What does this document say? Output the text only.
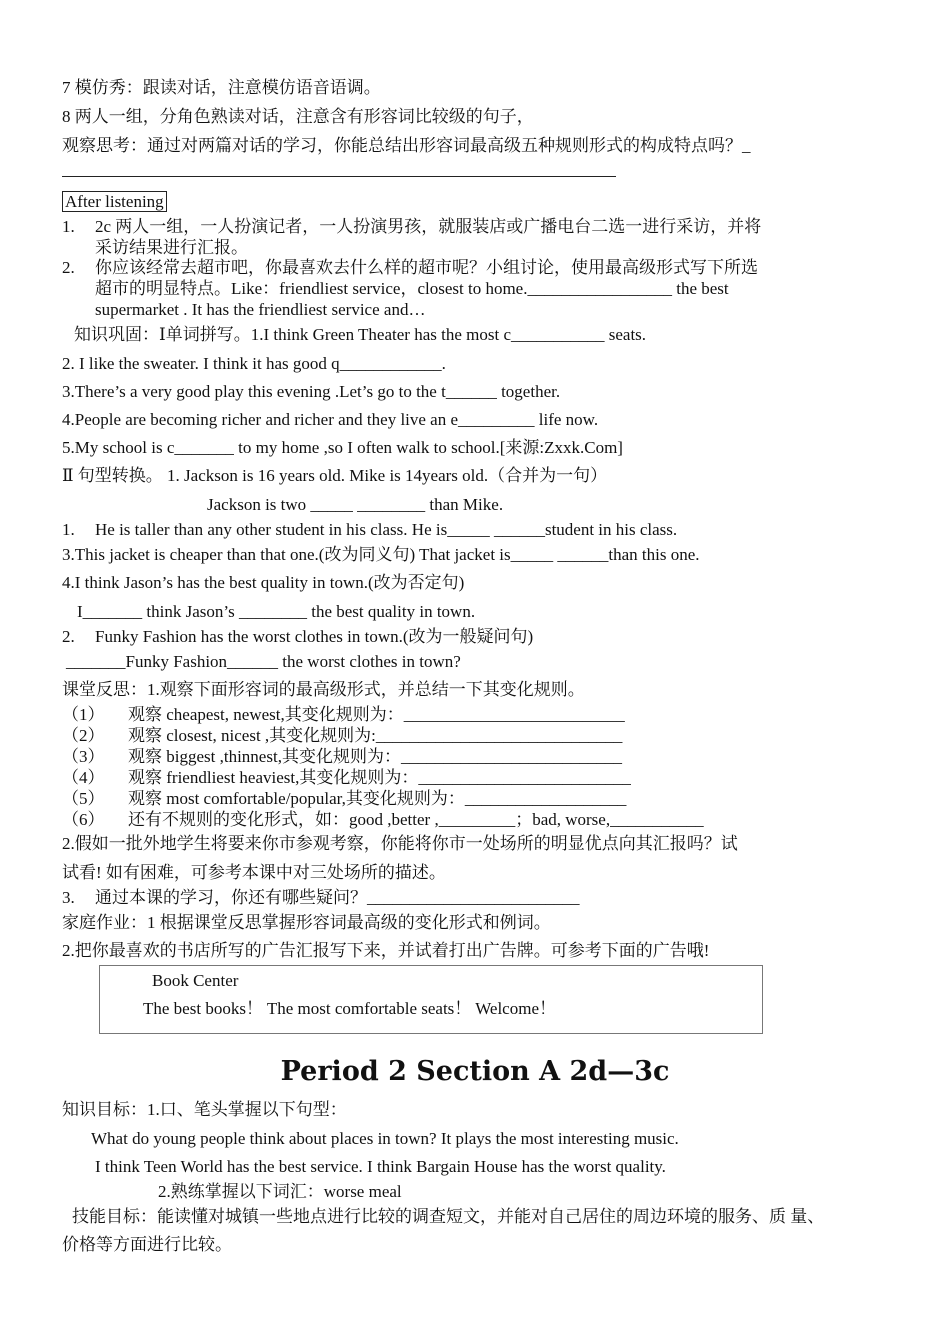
7 模仿秀：跟读对话，注意模仿语音语调。
8 两人一组，分角色熟读对话，注意含有形容词比较级的句子，
观察思考：通过对两篇对话的学习，你能总结出形容词最高级五种规则形式的构成特点吗？_
After listening
1. 2c 两人一组，一人扮演记者，一人扮演男孩，就服装店或广播电台二选一进行采访，并将
采访结果进行汇报。
2. 你应该经常去超市吧，你最喜欢去什么样的超市呢？小组讨论，使用最高级形式写下所选
超市的明显特点。Like：friendliest service，closest to home._________________ the best
supermarket . It has the friendliest service and…
知识巩固：Ⅰ单词拼写。1.I think Green Theater has the most c___________ seats.
2. I like the sweater. I think it has good q____________.
3.There’s a very good play this evening .Let’s go to the t______ together.
4.People are becoming richer and richer and they live an e_________ life now.
5.My school is c_______ to my home ,so I often walk to school.[来源:Zxxk.Com]
Ⅱ 句型转换。 1. Jackson is 16 years old. Mike is 14years old.（合并为一句）
Jackson is two _____ ________ than Mike.
1. He is taller than any other student in his class. He is_____ ______student in his class.
3.This jacket is cheaper than that one.(改为同义句) That jacket is_____ ______than this one.
4.I think Jason’s has the best quality in town.(改为否定句)
I_______ think Jason’s ________ the best quality in town.
2. Funky Fashion has the worst clothes in town.(改为一般疑问句)
_______Funky Fashion______ the worst clothes in town?
课堂反思：1.观察下面形容词的最高级形式，并总结一下其变化规则。
（1） 观察 cheapest, newest,其变化规则为：__________________________
（2） 观察 closest, nicest ,其变化规则为:_____________________________
（3） 观察 biggest ,thinnest,其变化规则为：__________________________
（4） 观察 friendliest heaviest,其变化规则为：_________________________
（5） 观察 most comfortable/popular,其变化规则为：___________________
（6） 还有不规则的变化形式，如：good ,better ,_________；bad, worse,___________
2.假如一批外地学生将要来你市参观考察，你能将你市一处场所的明显优点向其汇报吗？试
试看! 如有困难，可参考本课中对三处场所的描述。
3. 通过本课的学习，你还有哪些疑问？_________________________
家庭作业：1 根据课堂反思掌握形容词最高级的变化形式和例词。
2.把你最喜欢的书店所写的广告汇报写下来，并试着打出广告牌。可参考下面的广告哦!
Book Center
The best books！ The most comfortable seats！ Welcome！
Period 2 Section A 2d—3c
知识目标：1.口、笔头掌握以下句型：
What do young people think about places in town? It plays the most interesting music.
I think Teen World has the best service. I think Bargain House has the worst quality.
2.熟练掌握以下词汇：worse meal
技能目标：能读懂对城镇一些地点进行比较的调查短文，并能对自己居住的周边环境的服务、质 量、
价格等方面进行比较。
